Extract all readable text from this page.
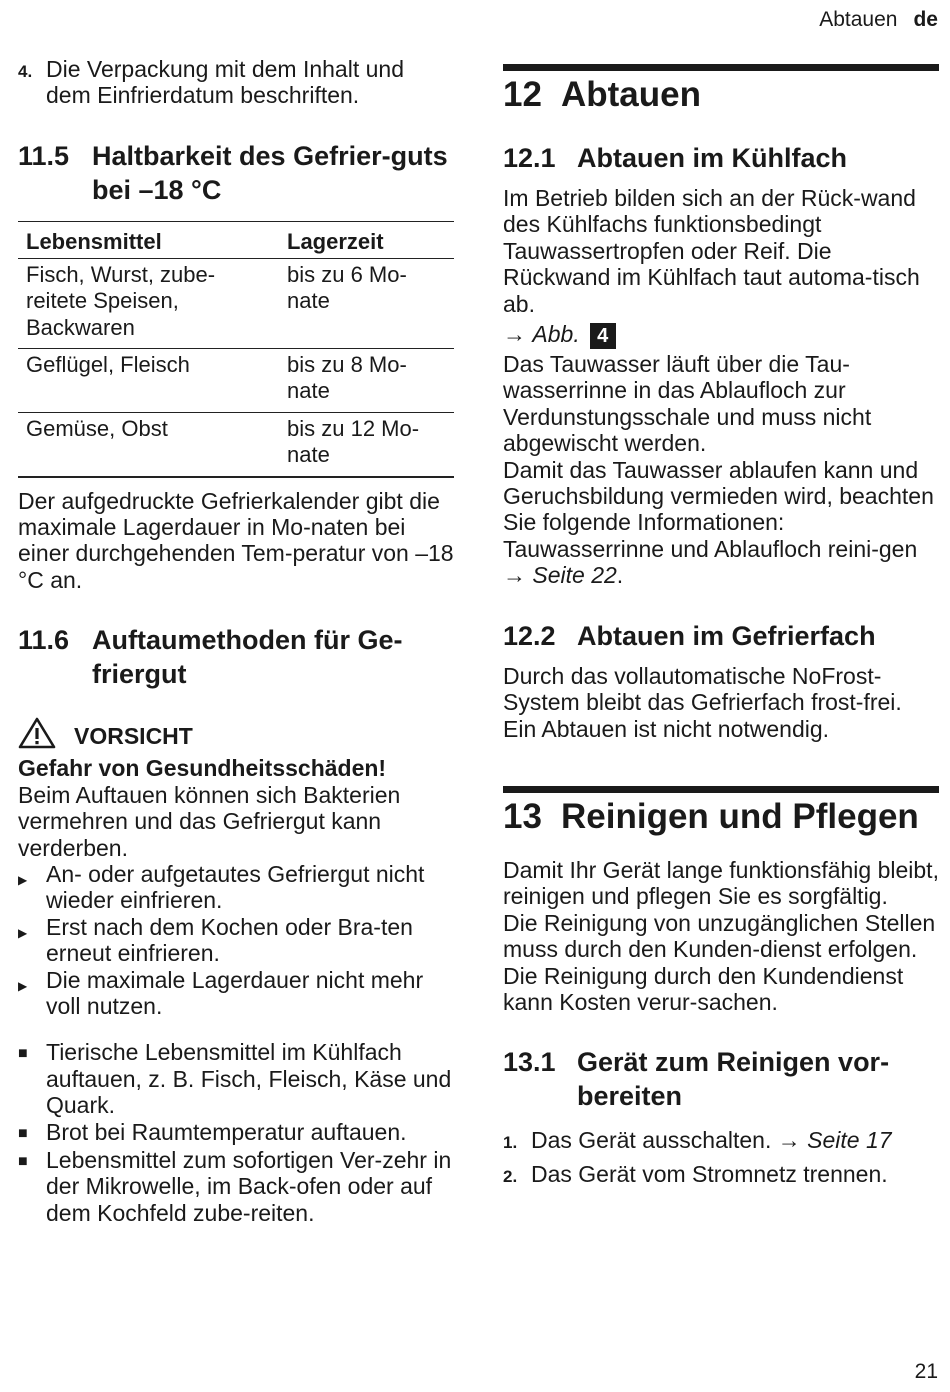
Abtauen de
4. Die Verpackung mit dem Inhalt und dem Einfrierdatum beschriften.
11.5 Haltbarkeit des Gefrier-guts bei –18 °C
Lebensmittel	Lagerzeit
Fisch, Wurst, zube-reitete Speisen, Backwaren	bis zu 6 Mo-nate
Geflügel, Fleisch	bis zu 8 Mo-nate
Gemüse, Obst	bis zu 12 Mo-nate

Der aufgedruckte Gefrierkalender gibt die maximale Lagerdauer in Mo-naten bei einer durchgehenden Tem-peratur von –18 °C an.

11.6 Auftaumethoden für Ge-friergut
VORSICHT

Gefahr von Gesundheitsschäden!

Beim Auftauen können sich Bakterien vermehren und das Gefriergut kann verderben.

▶ An- oder aufgetautes Gefriergut nicht wieder einfrieren.
▶ Erst nach dem Kochen oder Bra-ten erneut einfrieren.
▶ Die maximale Lagerdauer nicht mehr voll nutzen.
■ Tierische Lebensmittel im Kühlfach auftauen, z. B. Fisch, Fleisch, Käse und Quark.
■ Brot bei Raumtemperatur auftauen.
■ Lebensmittel zum sofortigen Ver-zehr in der Mikrowelle, im Back-ofen oder auf dem Kochfeld zube-reiten.
12 Abtauen
12.1 Abtauen im Kühlfach

Im Betrieb bilden sich an der Rück-wand des Kühlfachs funktionsbedingt Tauwassertropfen oder Reif. Die Rückwand im Kühlfach taut automa-tisch ab.

→ Abb. 4

Das Tauwasser läuft über die Tau-wasserrinne in das Ablaufloch zur Verdunstungsschale und muss nicht abgewischt werden.

Damit das Tauwasser ablaufen kann und Geruchsbildung vermieden wird, beachten Sie folgende Informationen: Tauwasserrinne und Ablaufloch reini-gen → Seite 22.

12.2 Abtauen im Gefrierfach

Durch das vollautomatische NoFrost-System bleibt das Gefrierfach frost-frei. Ein Abtauen ist nicht notwendig.

13 Reinigen und Pflegen

Damit Ihr Gerät lange funktionsfähig bleibt, reinigen und pflegen Sie es sorgfältig.

Die Reinigung von unzugänglichen Stellen muss durch den Kunden-dienst erfolgen. Die Reinigung durch den Kundendienst kann Kosten verur-sachen.

13.1 Gerät zum Reinigen vor-bereiten
1. Das Gerät ausschalten. → Seite 17
2. Das Gerät vom Stromnetz trennen.
21
